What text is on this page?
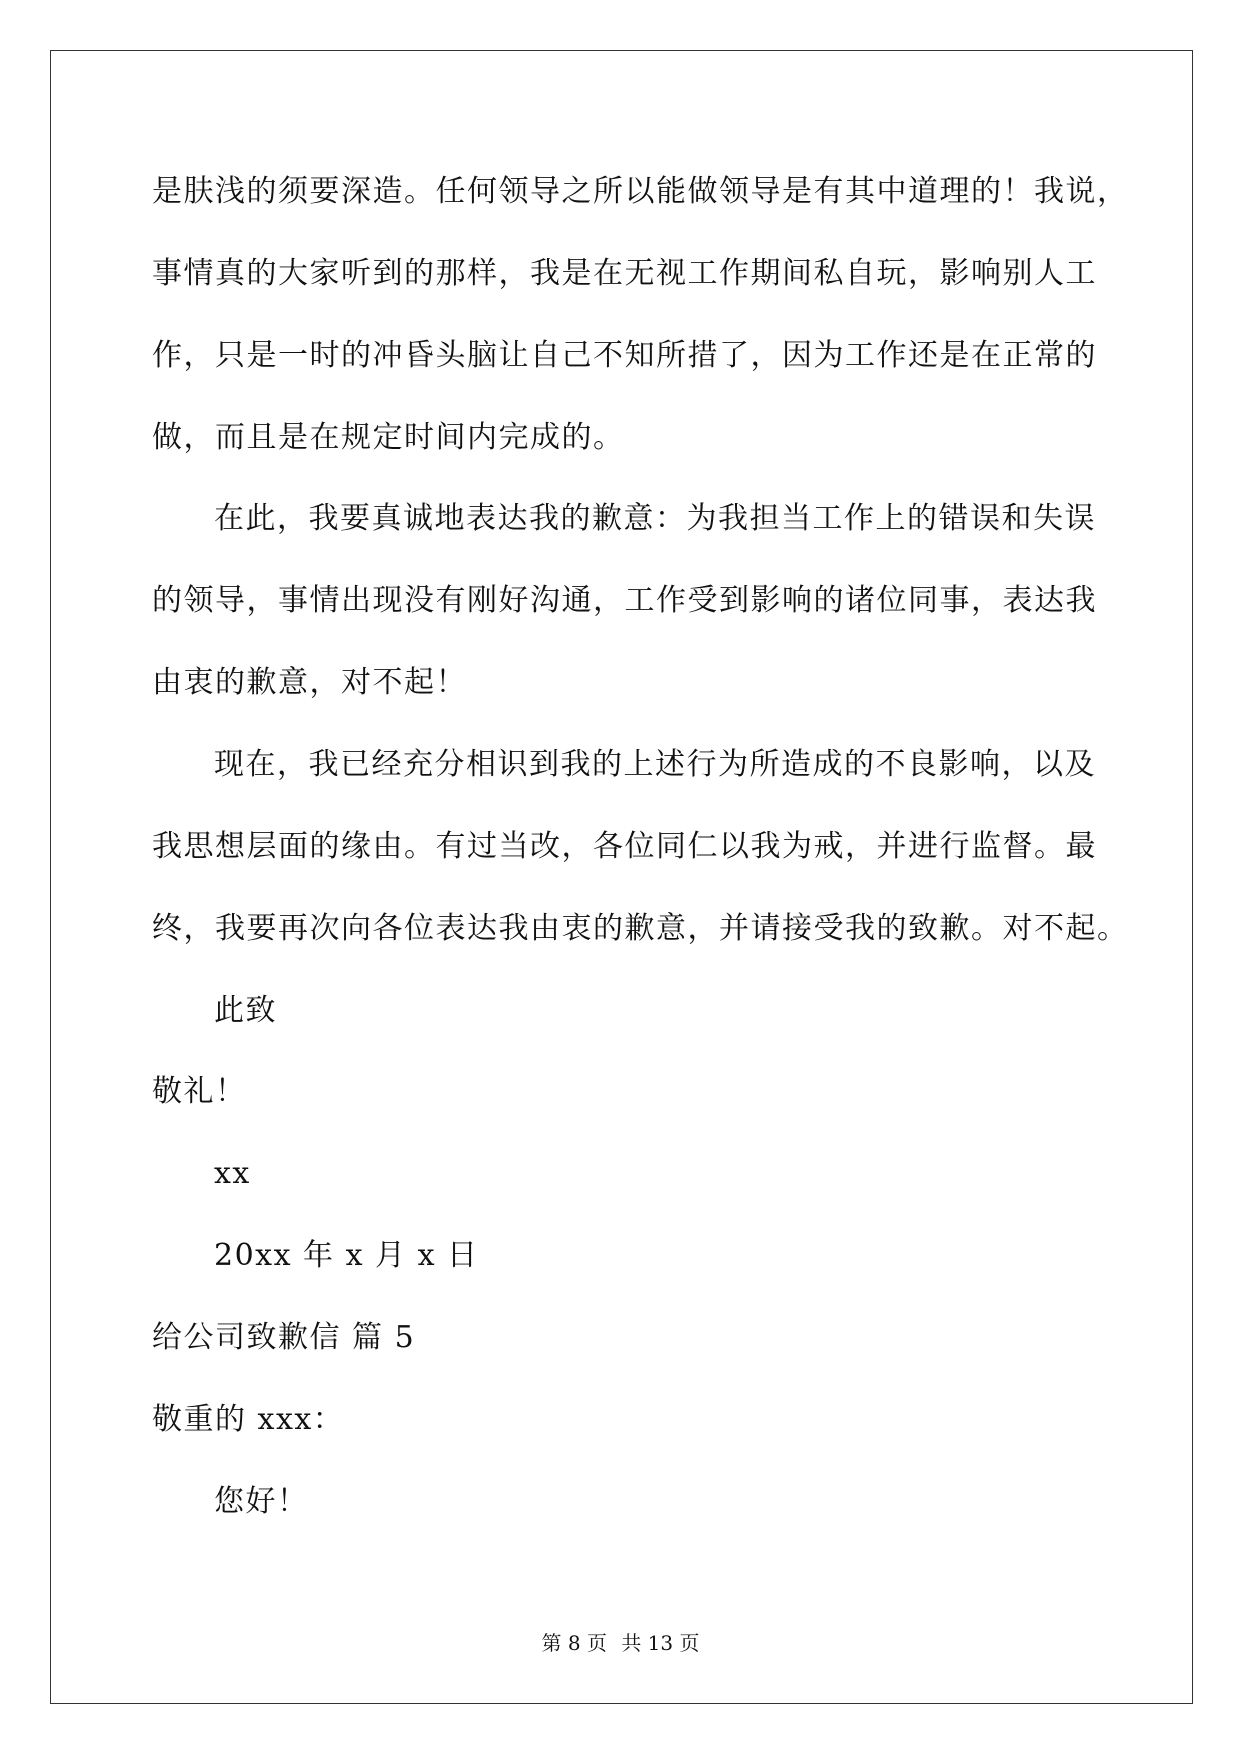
是肤浅的须要深造。任何领导之所以能做领导是有其中道理的！我说，
事情真的大家听到的那样，我是在无视工作期间私自玩，影响别人工
作，只是一时的冲昏头脑让自己不知所措了，因为工作还是在正常的
做，而且是在规定时间内完成的。
在此，我要真诚地表达我的歉意：为我担当工作上的错误和失误
的领导，事情出现没有刚好沟通，工作受到影响的诸位同事，表达我
由衷的歉意，对不起！
现在，我已经充分相识到我的上述行为所造成的不良影响，以及
我思想层面的缘由。有过当改，各位同仁以我为戒，并进行监督。最
终，我要再次向各位表达我由衷的歉意，并请接受我的致歉。对不起。
此致
敬礼！
xx
20xx 年 x 月 x 日
给公司致歉信 篇 5
敬重的 xxx：
您好！
第 8 页 共 13 页
